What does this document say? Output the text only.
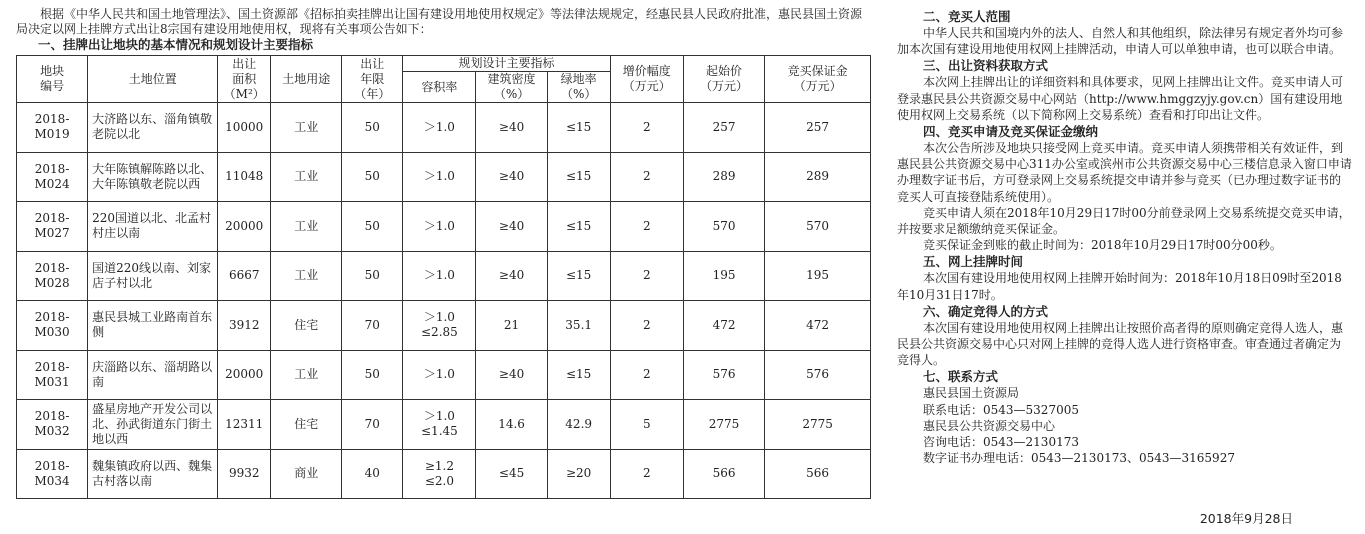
根据《中华人民共和国土地管理法》、国土资源部《招标拍卖挂牌出让国有建设用地使用权规定》等法律法规规定，经惠民县人民政府批准，惠民县国土资源局决定以网上挂牌方式出让8宗国有建设用地使用权，现将有关事项公告如下：

一、挂牌出让地块的基本情况和规划设计主要指标
地块
编号	土地位置	出让
面积
（M²）	土地用途	出让
年限
（年）	规划设计主要指标			增价幅度
（万元）	起始价
（万元）	竞买保证金
（万元）
					容积率	建筑密度
（%）	绿地率
（%）			
2018-
M019	大济路以东、淄角镇敬老院以北	10000	工业	50	＞1.0	≥40	≤15	2	257	257
2018-
M024	大年陈镇解陈路以北、大年陈镇敬老院以西	11048	工业	50	＞1.0	≥40	≤15	2	289	289
2018-
M027	220国道以北、北孟村村庄以南	20000	工业	50	＞1.0	≥40	≤15	2	570	570
2018-
M028	国道220线以南、刘家店子村以北	6667	工业	50	＞1.0	≥40	≤15	2	195	195
2018-
M030	惠民县城工业路南首东侧	3912	住宅	70	＞1.0
≤2.85	21	35.1	2	472	472
2018-
M031	庆淄路以东、淄胡路以南	20000	工业	50	＞1.0	≥40	≤15	2	576	576
2018-
M032	盛星房地产开发公司以北、孙武街道东门街土地以西	12311	住宅	70	＞1.0
≤1.45	14.6	42.9	5	2775	2775
2018-
M034	魏集镇政府以西、魏集古村落以南	9932	商业	40	≥1.2
≤2.0	≤45	≥20	2	566	566
二、竞买人范围

中华人民共和国境内外的法人、自然人和其他组织，除法律另有规定者外均可参加本次国有建设用地使用权网上挂牌活动，申请人可以单独申请，也可以联合申请。

三、出让资料获取方式

本次网上挂牌出让的详细资料和具体要求，见网上挂牌出让文件。竞买申请人可登录惠民县公共资源交易中心网站（http://www.hmggzyjy.gov.cn）国有建设用地使用权网上交易系统（以下简称网上交易系统）查看和打印出让文件。

四、竞买申请及竞买保证金缴纳

本次公告所涉及地块只接受网上竞买申请。竞买申请人须携带相关有效证件，到惠民县公共资源交易中心311办公室或滨州市公共资源交易中心三楼信息录入窗口申请办理数字证书后，方可登录网上交易系统提交申请并参与竞买（已办理过数字证书的竞买人可直接登陆系统使用）。

竞买申请人须在2018年10月29日17时00分前登录网上交易系统提交竞买申请，并按要求足额缴纳竞买保证金。

竞买保证金到账的截止时间为：2018年10月29日17时00分00秒。

五、网上挂牌时间

本次国有建设用地使用权网上挂牌开始时间为：2018年10月18日09时至2018年10月31日17时。

六、确定竞得人的方式

本次国有建设用地使用权网上挂牌出让按照价高者得的原则确定竞得人选人，惠民县公共资源交易中心只对网上挂牌的竞得人选人进行资格审查。审查通过者确定为竞得人。

七、联系方式

惠民县国土资源局

联系电话：0543—5327005

惠民县公共资源交易中心

咨询电话：0543—2130173

数字证书办理电话：0543—2130173、0543—3165927

2018年9月28日
